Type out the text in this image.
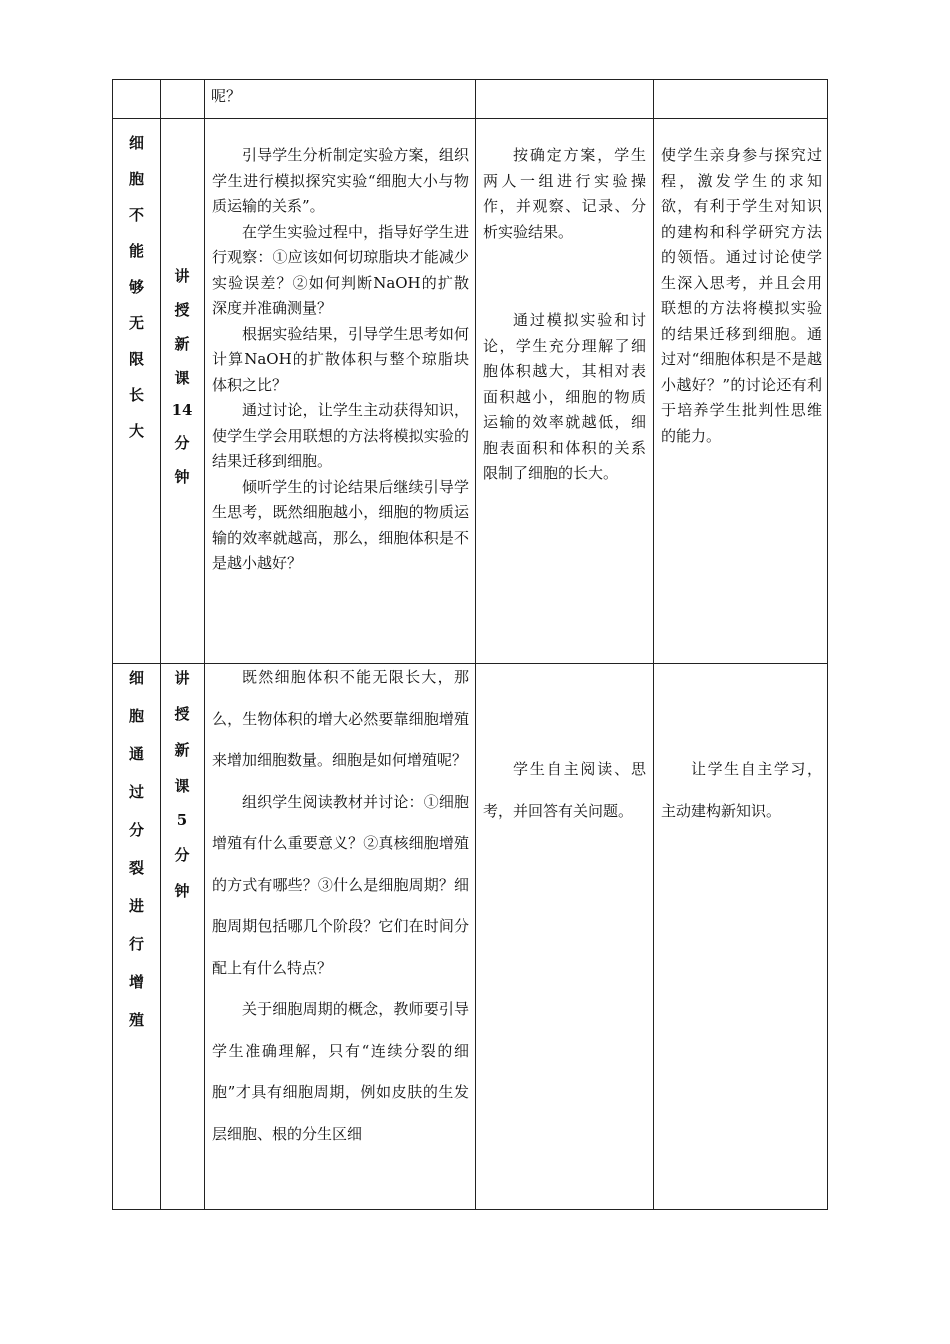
呢？

细
胞
不
能
够
无
限
长
大
讲
授
新
课
14
分
钟

引导学生分析制定实验方案，组织学生进行模拟探究实验“细胞大小与物质运输的关系”。

在学生实验过程中，指导好学生进行观察：①应该如何切琼脂块才能减少实验误差？②如何判断NaOH的扩散深度并准确测量？

根据实验结果，引导学生思考如何计算NaOH的扩散体积与整个琼脂块体积之比？

通过讨论，让学生主动获得知识，使学生学会用联想的方法将模拟实验的结果迁移到细胞。

倾听学生的讨论结果后继续引导学生思考，既然细胞越小，细胞的物质运输的效率就越高，那么，细胞体积是不是越小越好？

按确定方案，学生两人一组进行实验操作，并观察、记录、分析实验结果。

通过模拟实验和讨论，学生充分理解了细胞体积越大，其相对表面积越小，细胞的物质运输的效率就越低，细胞表面积和体积的关系限制了细胞的长大。

使学生亲身参与探究过程，激发学生的求知欲，有利于学生对知识的建构和科学研究方法的领悟。通过讨论使学生深入思考，并且会用联想的方法将模拟实验的结果迁移到细胞。通过对“细胞体积是不是越小越好？”的讨论还有利于培养学生批判性思维的能力。

细
胞
通
过
分
裂
进
行
增
殖
讲
授
新
课
5
分
钟

既然细胞体积不能无限长大，那么，生物体积的增大必然要靠细胞增殖来增加细胞数量。细胞是如何增殖呢？

组织学生阅读教材并讨论：①细胞增殖有什么重要意义？②真核细胞增殖的方式有哪些？③什么是细胞周期？细胞周期包括哪几个阶段？它们在时间分配上有什么特点？

关于细胞周期的概念，教师要引导学生准确理解，只有“连续分裂的细胞”才具有细胞周期，例如皮肤的生发层细胞、根的分生区细

学生自主阅读、思考，并回答有关问题。

让学生自主学习，主动建构新知识。
